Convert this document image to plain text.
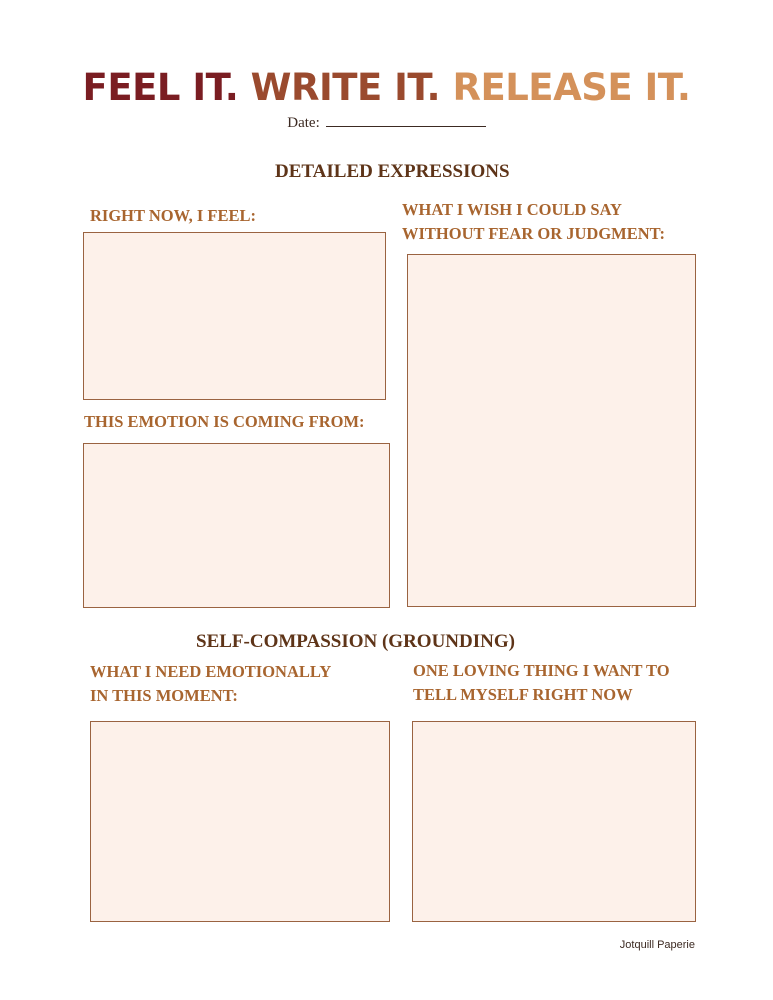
FEEL IT. WRITE IT. RELEASE IT.
Date:
DETAILED EXPRESSIONS
RIGHT NOW, I FEEL:	WHAT I WISH I COULD SAY
WITHOUT FEAR OR JUDGMENT:
THIS EMOTION IS COMING FROM:
SELF-COMPASSION (GROUNDING)
WHAT I NEED EMOTIONALLY
IN THIS MOMENT:
ONE LOVING THING I WANT TO
TELL MYSELF RIGHT NOW
Jotquill Paperie
